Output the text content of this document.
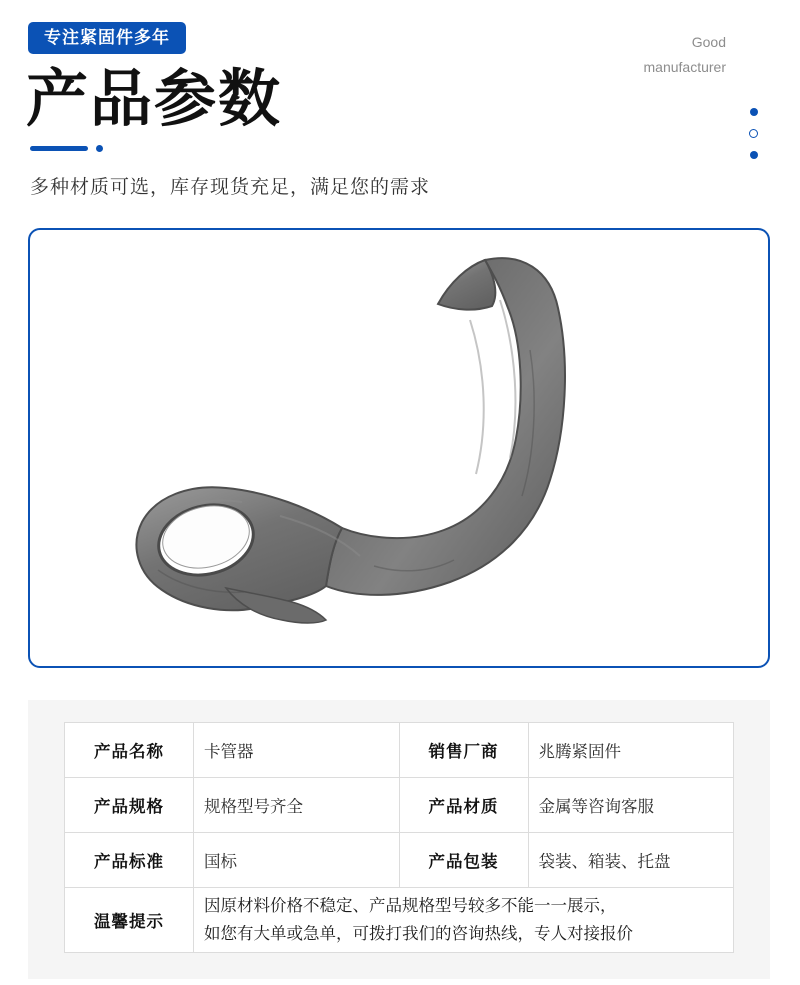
专注紧固件多年
产品参数
多种材质可选，库存现货充足，满足您的需求
Good
manufacturer
产品名称	卡管器	销售厂商	兆腾紧固件
产品规格	规格型号齐全	产品材质	金属等咨询客服
产品标准	国标	产品包装	袋装、箱装、托盘
温馨提示	因原材料价格不稳定、产品规格型号较多不能一一展示，
如您有大单或急单，可拨打我们的咨询热线，专人对接报价		
